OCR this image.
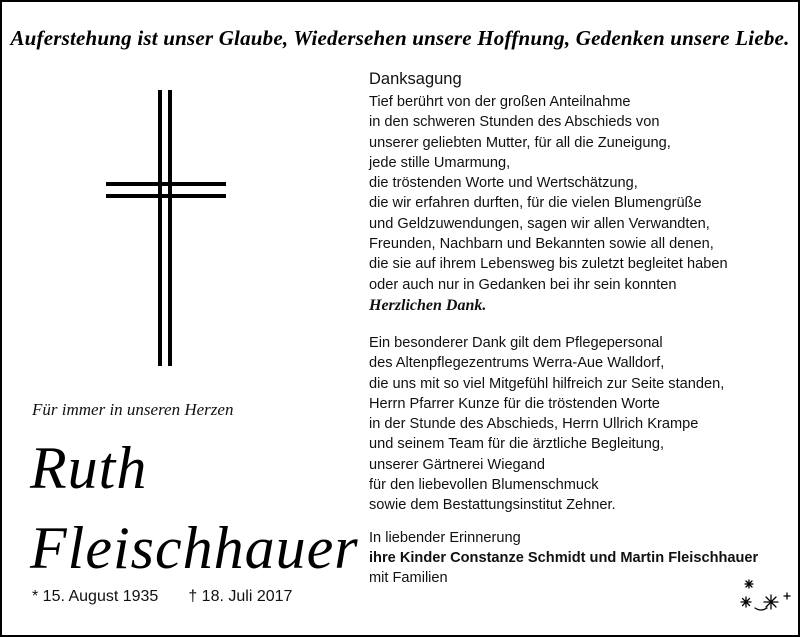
Auferstehung ist unser Glaube, Wiedersehen unsere Hoffnung, Gedenken unsere Liebe.
Für immer in unseren Herzen
Ruth
Fleischhauer
* 15. August 1935 † 18. Juli 2017
Danksagung
Tief berührt von der großen Anteilnahme
in den schweren Stunden des Abschieds von
unserer geliebten Mutter, für all die Zuneigung,
jede stille Umarmung,
die tröstenden Worte und Wertschätzung,
die wir erfahren durften, für die vielen Blumengrüße
und Geldzuwendungen, sagen wir allen Verwandten,
Freunden, Nachbarn und Bekannten sowie all denen,
die sie auf ihrem Lebensweg bis zuletzt begleitet haben
oder auch nur in Gedanken bei ihr sein konnten
Herzlichen Dank.
Ein besonderer Dank gilt dem Pflegepersonal
des Altenpflegezentrums Werra-Aue Walldorf,
die uns mit so viel Mitgefühl hilfreich zur Seite standen,
Herrn Pfarrer Kunze für die tröstenden Worte
in der Stunde des Abschieds, Herrn Ullrich Krampe
und seinem Team für die ärztliche Begleitung,
unserer Gärtnerei Wiegand
für den liebevollen Blumenschmuck
sowie dem Bestattungsinstitut Zehner.
In liebender Erinnerung
ihre Kinder Constanze Schmidt und Martin Fleischhauer
mit Familien
